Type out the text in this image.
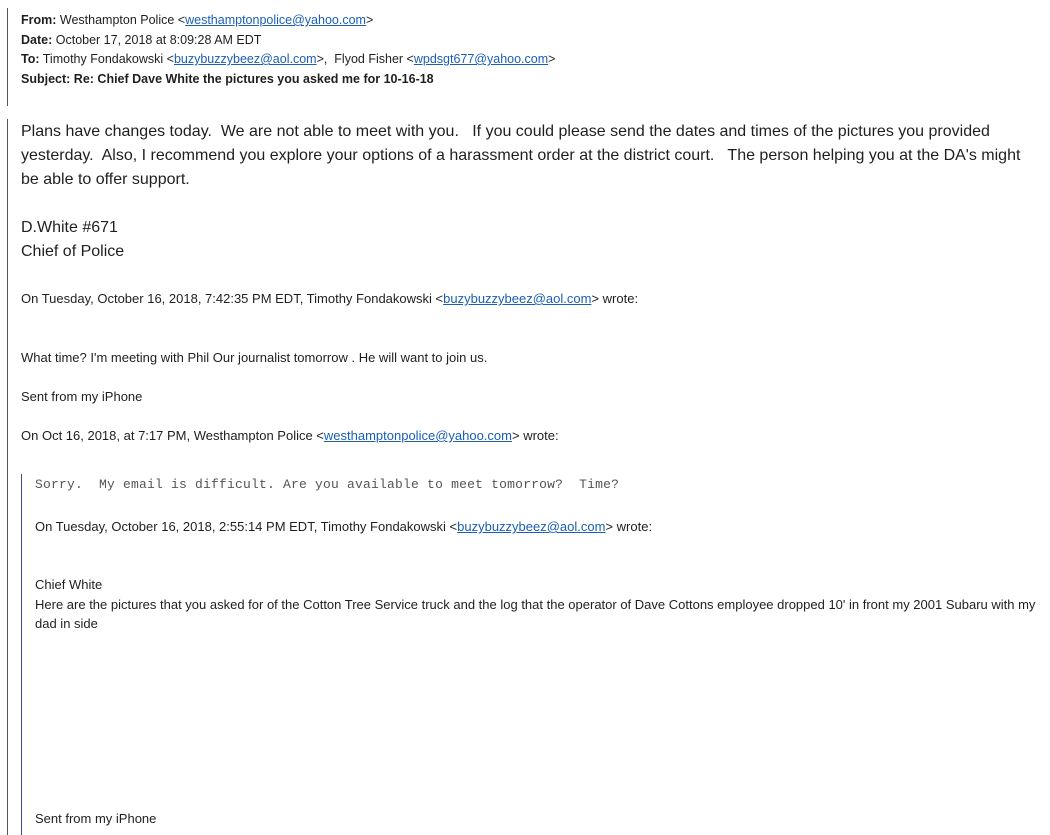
From: Westhampton Police <westhamptonpolice@yahoo.com>
Date: October 17, 2018 at 8:09:28 AM EDT
To: Timothy Fondakowski <buzybuzzybeez@aol.com>,  Flyod Fisher <wpdsgt677@yahoo.com>
Subject: Re: Chief Dave White the pictures you asked me for 10-16-18
Plans have changes today.  We are not able to meet with you.   If you could please send the dates and times of the pictures you provided yesterday.  Also, I recommend you explore your options of a harassment order at the district court.   The person helping you at the DA's might be able to offer support.
D.White #671
Chief of Police
On Tuesday, October 16, 2018, 7:42:35 PM EDT, Timothy Fondakowski <buzybuzzybeez@aol.com> wrote:
What time? I'm meeting with Phil Our journalist tomorrow . He will want to join us.
Sent from my iPhone
On Oct 16, 2018, at 7:17 PM, Westhampton Police <westhamptonpolice@yahoo.com> wrote:
Sorry.  My email is difficult. Are you available to meet tomorrow?  Time?
On Tuesday, October 16, 2018, 2:55:14 PM EDT, Timothy Fondakowski <buzybuzzybeez@aol.com> wrote:
Chief White
Here are the pictures that you asked for of the Cotton Tree Service truck and the log that the operator of Dave Cottons employee dropped 10' in front my 2001 Subaru with my dad in side
Sent from my iPhone
